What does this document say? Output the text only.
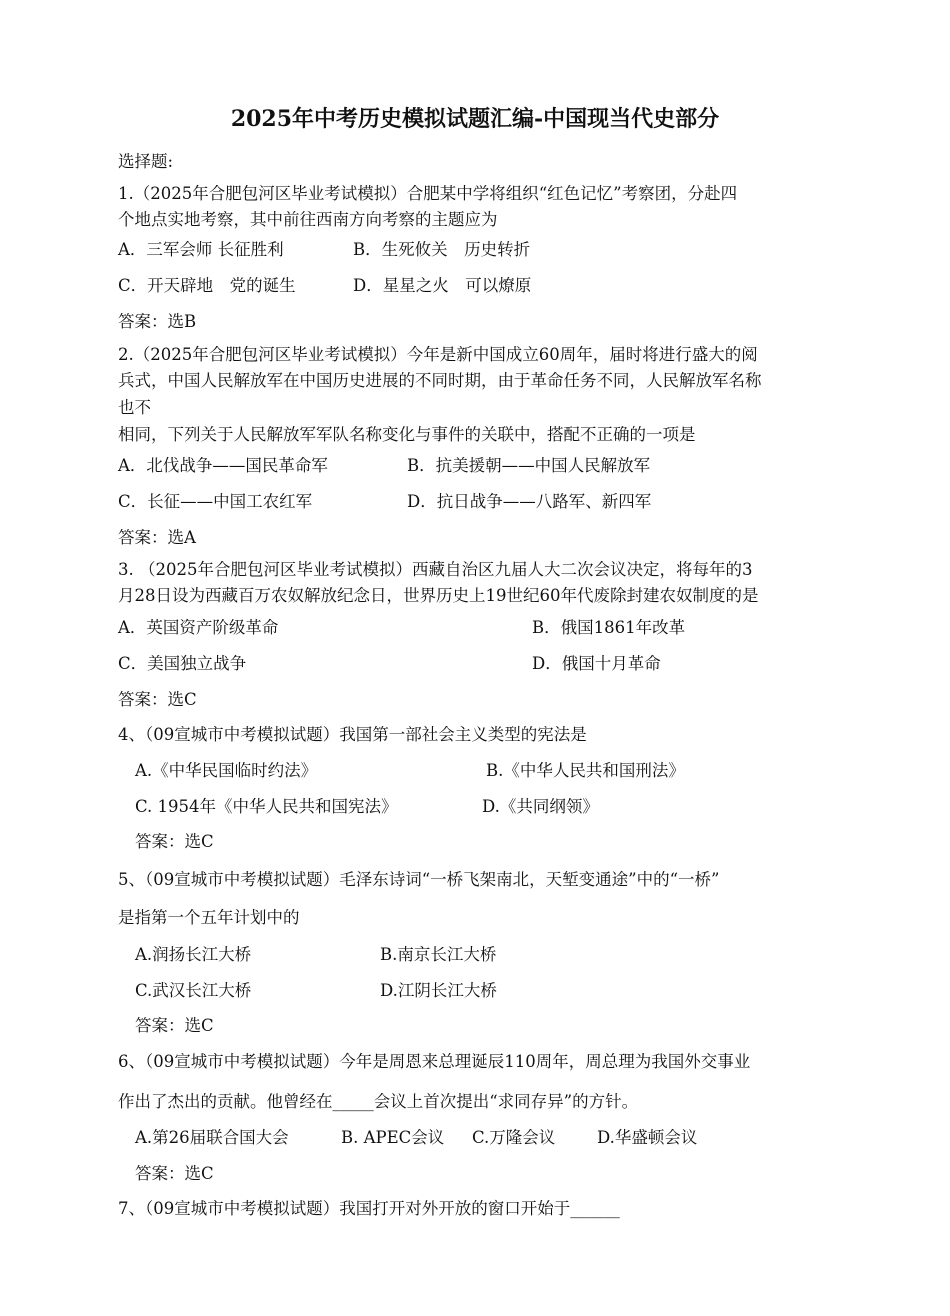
2025年中考历史模拟试题汇编-中国现当代史部分
选择题:
1.（2025年合肥包河区毕业考试模拟）合肥某中学将组织“红色记忆”考察团，分赴四
个地点实地考察，其中前往西南方向考察的主题应为
A．三军会师 长征胜利	B．生死攸关　历史转折
C．开天辟地　党的诞生	D．星星之火　可以燎原
答案：选B
2.（2025年合肥包河区毕业考试模拟）今年是新中国成立60周年，届时将进行盛大的阅
兵式，中国人民解放军在中国历史进展的不同时期，由于革命任务不同，人民解放军名称
也不
相同，下列关于人民解放军军队名称变化与事件的关联中，搭配不正确的一项是
A．北伐战争——国民革命军	B．抗美援朝——中国人民解放军
C．长征——中国工农红军	D．抗日战争——八路军、新四军
答案：选A
3. （2025年合肥包河区毕业考试模拟）西藏自治区九届人大二次会议决定，将每年的3
月28日设为西藏百万农奴解放纪念日，世界历史上19世纪60年代废除封建农奴制度的是
A．英国资产阶级革命	B．俄国1861年改革
C．美国独立战争	D．俄国十月革命
答案：选C
4、（09宣城市中考模拟试题）我国第一部社会主义类型的宪法是
A.《中华民国临时约法》	B.《中华人民共和国刑法》
C. 1954年《中华人民共和国宪法》	D.《共同纲领》
答案：选C
5、（09宣城市中考模拟试题）毛泽东诗词“一桥飞架南北，天堑变通途”中的“一桥”
是指第一个五年计划中的
A.润扬长江大桥	B.南京长江大桥
C.武汉长江大桥	D.江阴长江大桥
答案：选C
6、（09宣城市中考模拟试题）今年是周恩来总理诞辰110周年，周总理为我国外交事业
作出了杰出的贡献。他曾经在_____会议上首次提出“求同存异”的方针。
A.第26届联合国大会	B. APEC会议 C.万隆会议	D.华盛顿会议
答案：选C
7、（09宣城市中考模拟试题）我国打开对外开放的窗口开始于______
